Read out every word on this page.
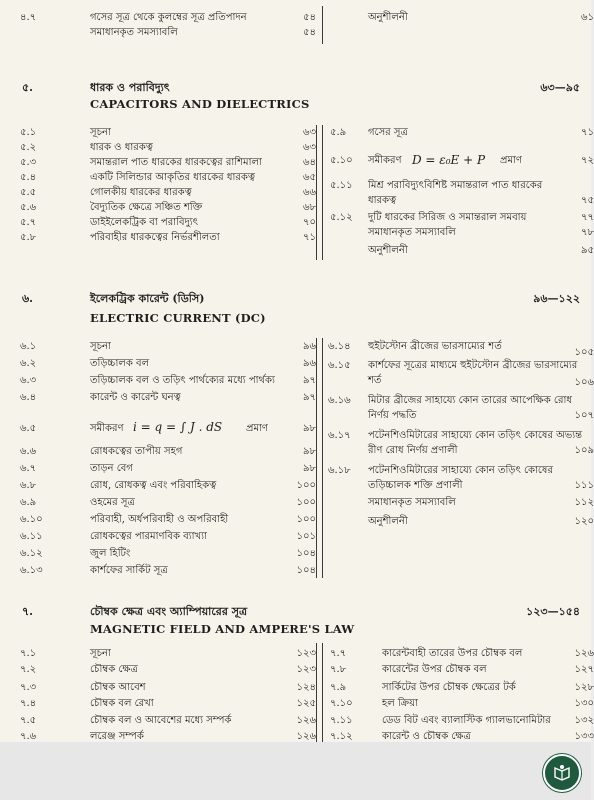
৪.৭	গসের সূত্র থেকে কুলম্বের সূত্র প্রতিপাদন	৫৪
সমাধানকৃত সমস্যাবলি	৫৪
অনুশীলনী	৬১
৫.	ধারক ও পরাবিদ্যুৎ	৬৩—৯৫
CAPACITORS AND DIELECTRICS
৫.১	সূচনা	৬৩
৫.২	ধারক ও ধারকত্ব	৬৩
৫.৩	সমান্তরাল পাত ধারকের ধারকত্বের রাশিমালা	৬৪
৫.৪	একটি সিলিন্ডার আকৃতির ধারকের ধারকত্ব	৬৫
৫.৫	গোলকীয় ধারকের ধারকত্ব	৬৬
৫.৬	বৈদ্যুতিক ক্ষেত্রে সঞ্চিত শক্তি	৬৮
৫.৭	ডাইইলেকট্রিক বা পরাবিদ্যুৎ	৭০
৫.৮	পরিবাহীর ধারকত্বের নির্ভরশীলতা	৭১
৫.৯ গসের সূত্র	৭১
৫.১০ সমীকরণ D = ε₀E + P প্রমাণ	৭২
৫.১১ মিশ্র পরাবিদ্যুৎবিশিষ্ট সমান্তরাল পাত ধারকের
ধারকত্ব	৭৫
৫.১২ দুটি ধারকের সিরিজ ও সমান্তরাল সমবায়	৭৭
সমাধানকৃত সমস্যাবলি	৭৮
অনুশীলনী	৯৫
৬.	ইলেকট্রিক কারেন্ট (ডিসি)	৯৬—১২২
ELECTRIC CURRENT (DC)
৬.১	সূচনা	৯৬
৬.২	তড়িচ্চালক বল	৯৬
৬.৩	তড়িচ্চালক বল ও তড়িৎ পার্থক্যের মধ্যে পার্থক্য	৯৭
৬.৪	কারেন্ট ও কারেন্ট ঘনত্ব	৯৭
৬.৫	সমীকরণ i = q = ∫ J . dS প্রমাণ	৯৮
৬.৬	রোধকত্বের তাপীয় সহগ	৯৮
৬.৭	তাড়ন বেগ	৯৮
৬.৮	রোধ, রোধকত্ব এবং পরিবাহিকত্ব	১০০
৬.৯	ওহমের সূত্র	১০০
৬.১০	পরিবাহী, অর্ধপরিবাহী ও অপরিবাহী	১০০
৬.১১	রোধকত্বের পারমাণবিক ব্যাখ্যা	১০১
৬.১২	জুল হিটিং	১০৪
৬.১৩	কার্শফের সার্কিট সূত্র	১০৪
৬.১৪ হুইটস্টোন ব্রীজের ভারসাম্যের শর্ত
১০৫
৬.১৫ কার্শফের সূত্রের মাধ্যমে হুইটস্টোন ব্রীজের ভারসাম্যের
শর্ত	১০৬
৬.১৬ মিটার ব্রীজের সাহায্যে কোন তারের আপেক্ষিক রোধ
নির্ণয় পদ্ধতি	১০৭
৬.১৭ পটেনশিওমিটারের সাহায্যে কোন তড়িৎ কোষের অভ্যন্ত
রীণ রোধ নির্ণয় প্রণালী	১০৯
৬.১৮ পটেনশিওমিটারের সাহায্যে কোন তড়িৎ কোষের
তড়িচ্চালক শক্তি প্রণালী	১১১
সমাধানকৃত সমস্যাবলি	১১২
অনুশীলনী	১২০
৭.	চৌম্বক ক্ষেত্র এবং অ্যাম্পিয়ারের সূত্র	১২৩—১৫৪
MAGNETIC FIELD AND AMPERE'S LAW
৭.১	সূচনা	১২৩
৭.২	চৌম্বক ক্ষেত্র	১২৩
৭.৩	চৌম্বক আবেশ	১২৪
৭.৪	চৌম্বক বল রেখা	১২৫
৭.৫	চৌম্বক বল ও আবেশের মধ্যে সম্পর্ক	১২৬
৭.৬	লরেঞ্জ সম্পর্ক	১২৬
৭.৭	কারেন্টবাহী তারের উপর চৌম্বক বল	১২৬
৭.৮	কারেন্টের উপর চৌম্বক বল	১২৭
৭.৯	সার্কিটের উপর চৌম্বক ক্ষেত্রের টর্ক	১২৮
৭.১০	হল ক্রিয়া	১৩০
৭.১১	ডেড বিট এবং ব্যালাস্টিক গ্যালভানোমিটার	১৩২
৭.১২	কারেন্ট ও চৌম্বক ক্ষেত্র	১৩৩
